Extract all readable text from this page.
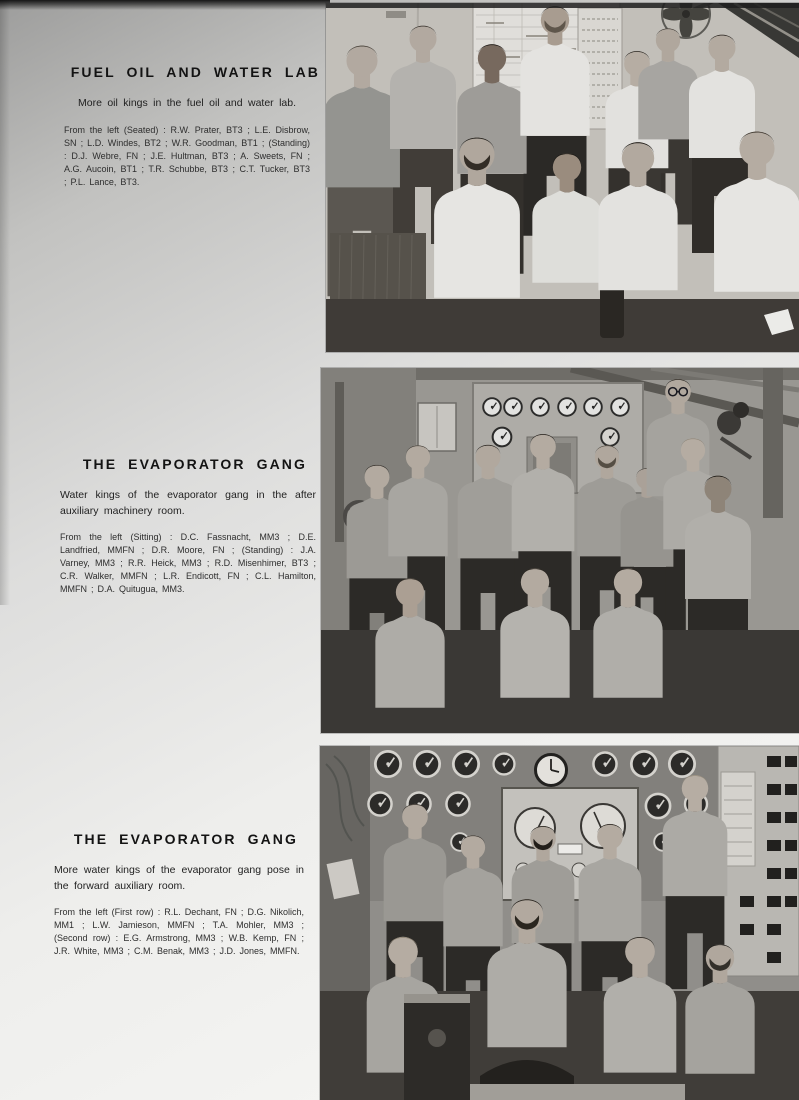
FUEL OIL AND WATER LAB

More oil kings in the fuel oil and water lab.

From the left (Seated) : R.W. Prater, BT3 ; L.E. Disbrow, SN ; L.D. Windes, BT2 ; W.R. Goodman, BT1 ; (Standing) : D.J. Webre, FN ; J.E. Hultman, BT3 ; A. Sweets, FN ; A.G. Aucoin, BT1 ; T.R. Schubbe, BT3 ; C.T. Tucker, BT3 ; P.L. Lance, BT3.

THE EVAPORATOR GANG

Water kings of the evaporator gang in the after auxiliary machinery room.

From the left (Sitting) : D.C. Fassnacht, MM3 ; D.E. Landfried, MMFN ; D.R. Moore, FN ; (Standing) : J.A. Varney, MM3 ; R.R. Heick, MM3 ; R.D. Misenhimer, BT3 ; C.R. Walker, MMFN ; L.R. Endicott, FN ; C.L. Hamilton, MMFN ; D.A. Quitugua, MM3.

THE EVAPORATOR GANG

More water kings of the evaporator gang pose in the forward auxiliary room.

From the left (First row) : R.L. Dechant, FN ; D.G. Nikolich, MM1 ; L.W. Jamieson, MMFN ; T.A. Mohler, MM3 ; (Second row) : E.G. Armstrong, MM3 ; W.B. Kemp, FN ; J.R. White, MM3 ; C.M. Benak, MM3 ; J.D. Jones, MMFN.
